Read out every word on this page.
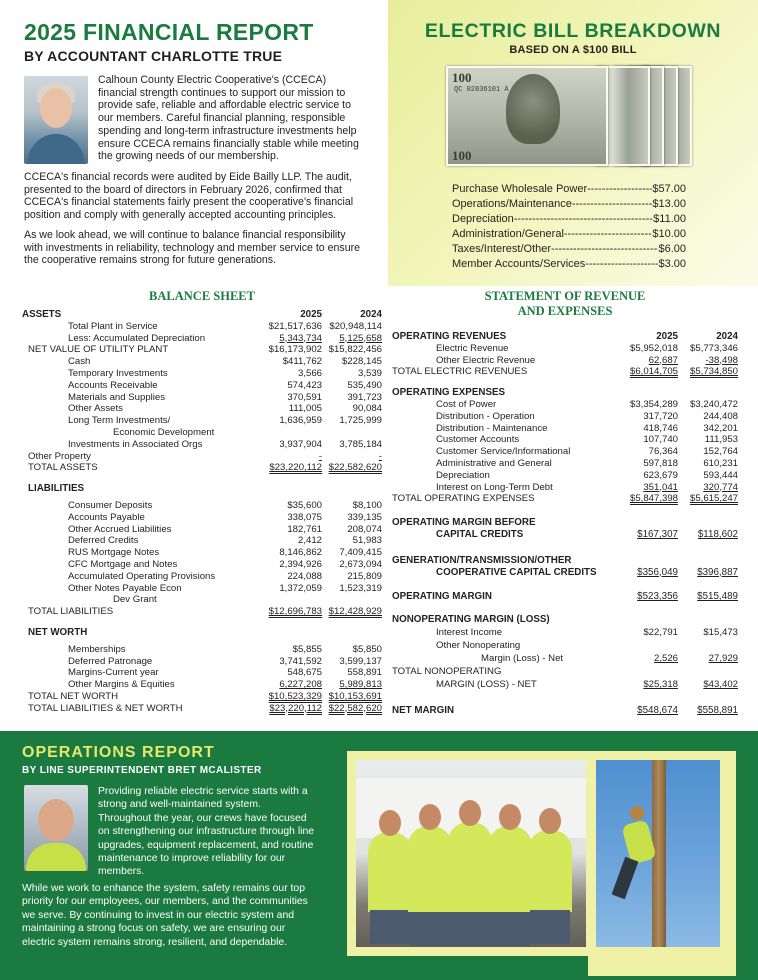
2025 FINANCIAL REPORT
BY ACCOUNTANT CHARLOTTE TRUE

Calhoun County Electric Cooperative's (CCECA) financial strength continues to support our mission to provide safe, reliable and affordable electric service to our members. Careful financial planning, responsible spending and long-term infrastructure investments help ensure CCECA remains financially stable while meeting the growing needs of our membership.

CCECA's financial records were audited by Eide Bailly LLP. The audit, presented to the board of directors in February 2026, confirmed that CCECA's financial statements fairly present the cooperative's financial position and comply with generally accepted accounting principles.

As we look ahead, we will continue to balance financial responsibility with investments in reliability, technology and member service to ensure the cooperative remains strong for future generations.

ELECTRIC BILL BREAKDOWN
BASED ON A $100 BILL
100
100
QC 02836101 A
Purchase Wholesale Power -----	$57.00
Operations/Maintenance -----	$13.00
Depreciation -----	$11.00
Administration/General -----	$10.00
Taxes/Interest/Other -----	$6.00
Member Accounts/Services -----	$3.00
BALANCE SHEET
ASSETS	2025	2024
Total Plant in Service	$21,517,636 $20,948,114
Less: Accumulated Depreciation	5,343,734	5,125,658
NET VALUE OF UTILITY PLANT	$16,173,902 $15,822,456
Cash	$411,762	$228,145
Temporary Investments	3,566	3,539
Accounts Receivable	574,423	535,490
Materials and Supplies	370,591	391,723
Other Assets	111,005	90,084
Long Term Investments/	1,636,959	1,725,999
Economic Development
Investments in Associated Orgs	3,937,904	3,785,184
Other Property	-	-
TOTAL ASSETS	$23,220,112 $22,582,620
LIABILITIES
Consumer Deposits	$35,600	$8,100
Accounts Payable	338,075	339,135
Other Accrued Liabilities	182,761	208,074
Deferred Credits	2,412	51,983
RUS Mortgage Notes	8,146,862	7,409,415
CFC Mortgage and Notes	2,394,926	2,673,094
Accumulated Operating Provisions	224,088	215,809
Other Notes Payable Econ	1,372,059	1,523,319
Dev Grant
TOTAL LIABILITIES	$12,696,783 $12,428,929
NET WORTH
Memberships	$5,855	$5,850
Deferred Patronage	3,741,592	3,599,137
Margins-Current year	548,675	558,891
Other Margins & Equities	6,227,208	5,989,813
TOTAL NET WORTH	$10,523,329 $10,153,691
TOTAL LIABILITIES & NET WORTH	$23,220,112 $22,582,620
STATEMENT OF REVENUE
AND EXPENSES
OPERATING REVENUES	2025	2024
Electric Revenue	$5,952,018	$5,773,346
Other Electric Revenue	62,687	-38,498
TOTAL ELECTRIC REVENUES	$6,014,705	$5,734,850
OPERATING EXPENSES
Cost of Power	$3,354,289	$3,240,472
Distribution - Operation	317,720	244,408
Distribution - Maintenance	418,746	342,201
Customer Accounts	107,740	111,953
Customer Service/Informational	76,364	152,764
Administrative and General	597,818	610,231
Depreciation	623,679	593,444
Interest on Long-Term Debt	351,041	320,774
TOTAL OPERATING EXPENSES	$5,847,398	$5,615,247
OPERATING MARGIN BEFORE
CAPITAL CREDITS	$167,307	$118,602
GENERATION/TRANSMISSION/OTHER
COOPERATIVE CAPITAL CREDITS	$356,049	$396,887
OPERATING MARGIN	$523,356	$515,489
NONOPERATING MARGIN (LOSS)
Interest Income	$22,791	$15,473
Other Nonoperating
Margin (Loss) - Net	2,526	27,929
TOTAL NONOPERATING
MARGIN (LOSS) - NET	$25,318	$43,402
NET MARGIN	$548,674	$558,891
OPERATIONS REPORT
BY LINE SUPERINTENDENT BRET MCALISTER

Providing reliable electric service starts with a strong and well-maintained system. Throughout the year, our crews have focused on strengthening our infrastructure through line upgrades, equipment replacement, and routine maintenance to improve reliability for our members.

While we work to enhance the system, safety remains our top priority for our employees, our members, and the communities we serve. By continuing to invest in our electric system and maintaining a strong focus on safety, we are ensuring our electric system remains strong, resilient, and dependable.
